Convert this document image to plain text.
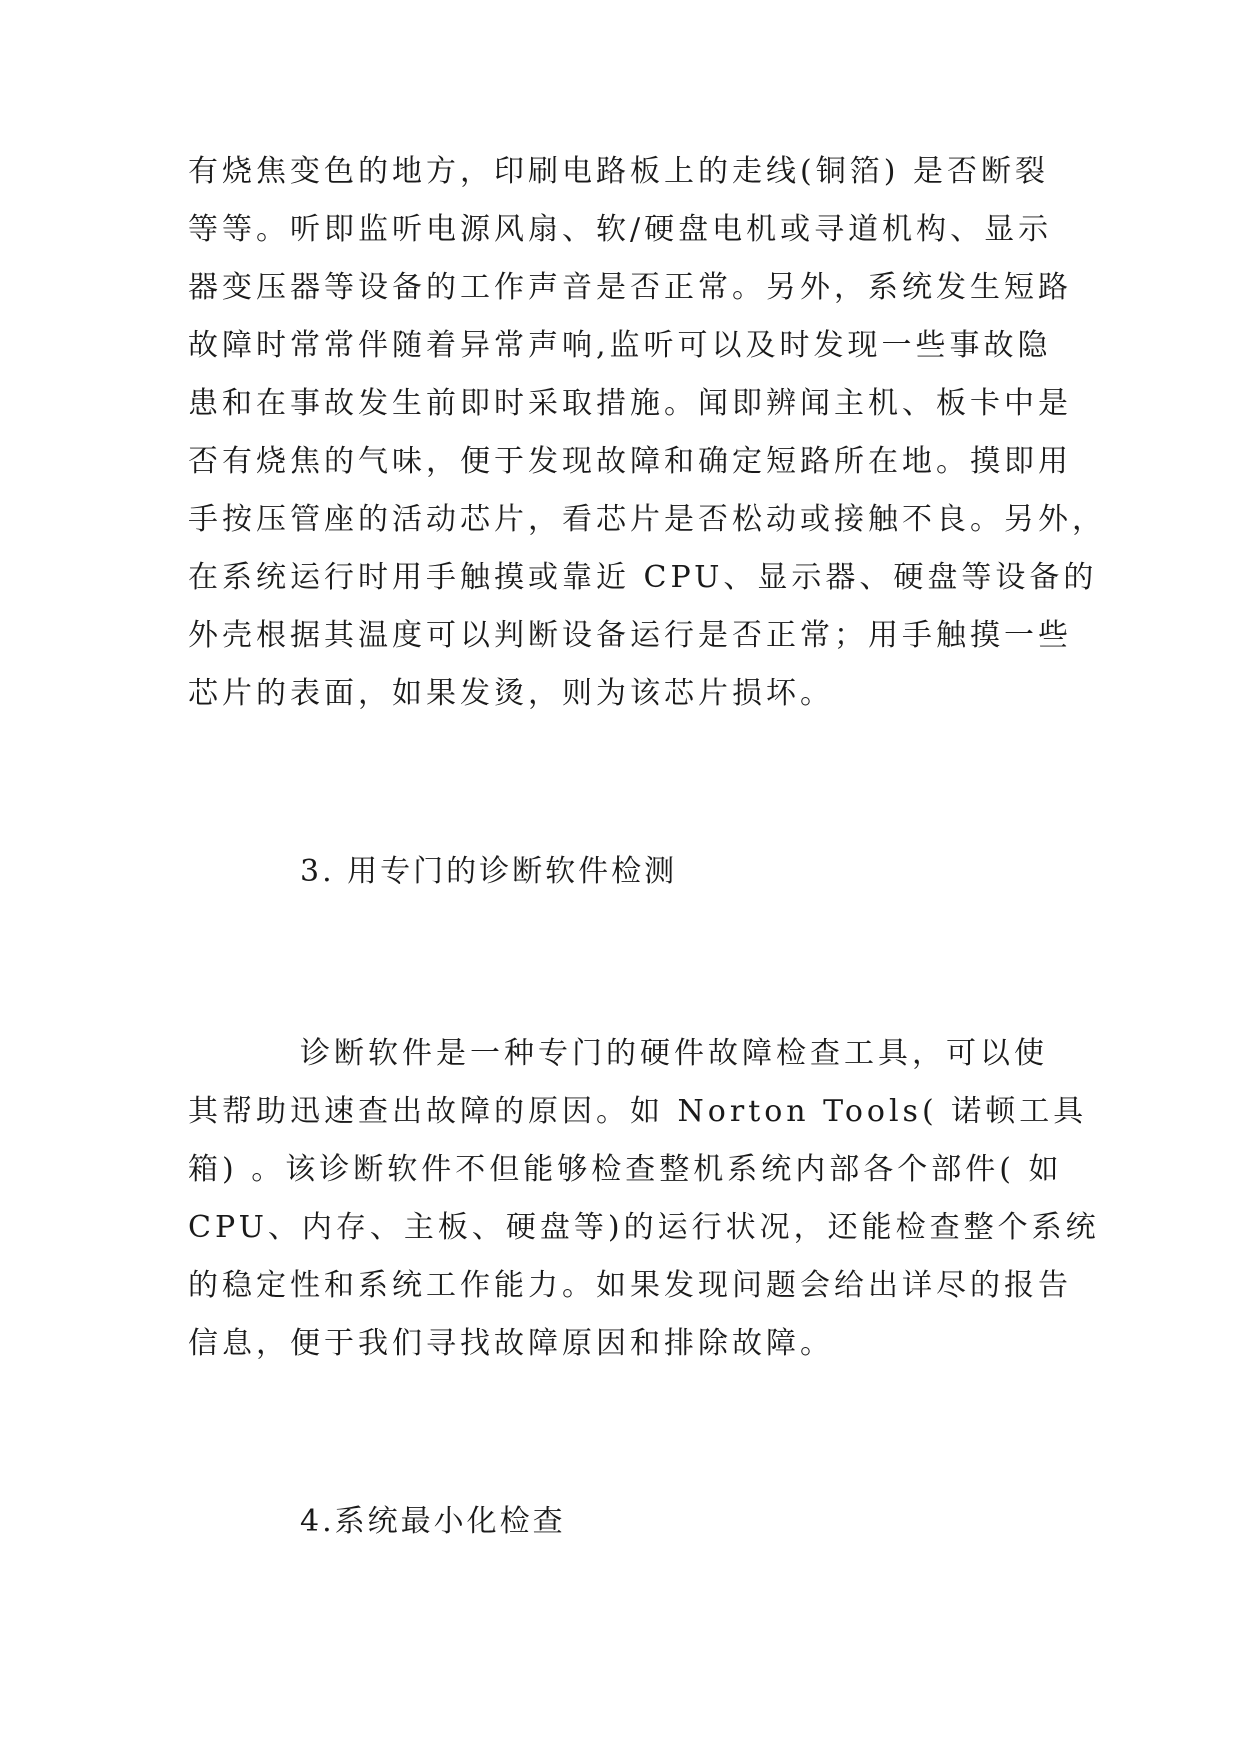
有烧焦变色的地方，印刷电路板上的走线(铜箔) 是否断裂
等等。听即监听电源风扇、软/硬盘电机或寻道机构、显示
器变压器等设备的工作声音是否正常。另外，系统发生短路
故障时常常伴随着异常声响,监听可以及时发现一些事故隐
患和在事故发生前即时采取措施。闻即辨闻主机、板卡中是
否有烧焦的气味，便于发现故障和确定短路所在地。摸即用
手按压管座的活动芯片，看芯片是否松动或接触不良。另外，
在系统运行时用手触摸或靠近 CPU、显示器、硬盘等设备的
外壳根据其温度可以判断设备运行是否正常；用手触摸一些
芯片的表面，如果发烫，则为该芯片损坏。
3. 用专门的诊断软件检测
诊断软件是一种专门的硬件故障检查工具，可以使
其帮助迅速查出故障的原因。如 Norton Tools( 诺顿工具
箱) 。该诊断软件不但能够检查整机系统内部各个部件( 如
CPU、内存、主板、硬盘等)的运行状况，还能检查整个系统
的稳定性和系统工作能力。如果发现问题会给出详尽的报告
信息，便于我们寻找故障原因和排除故障。
4.系统最小化检查
